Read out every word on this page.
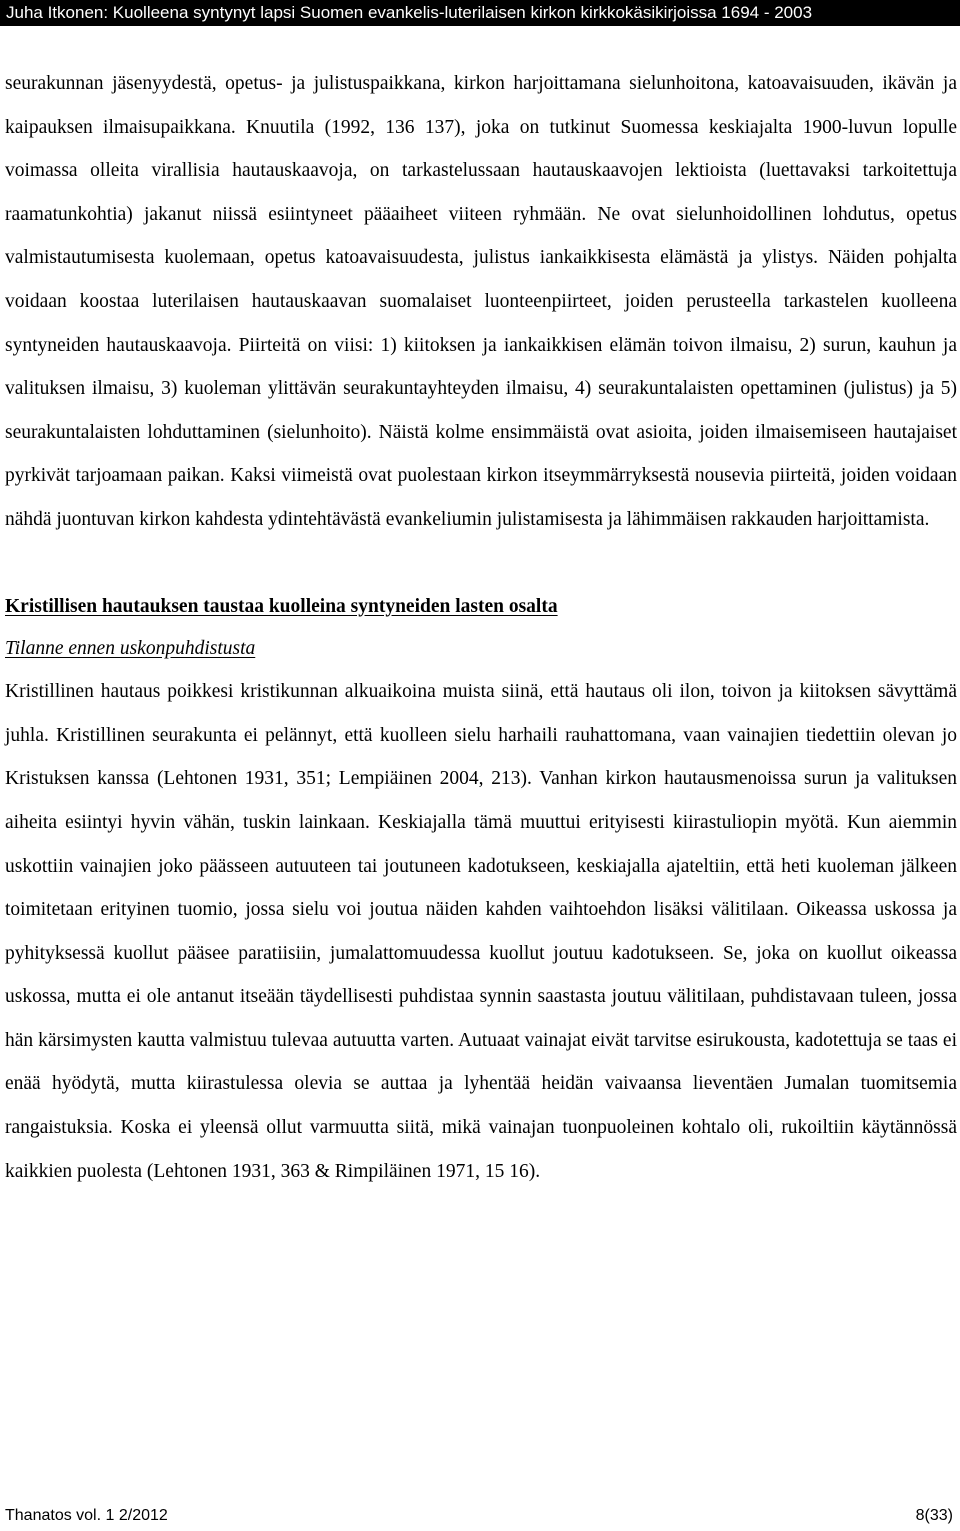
Juha Itkonen: Kuolleena syntynyt lapsi Suomen evankelis-luterilaisen kirkon kirkkokäsikirjoissa 1694 - 2003

seurakunnan jäsenyydestä, opetus- ja julistuspaikkana, kirkon harjoittamana sielunhoitona, katoavaisuuden, ikävän ja kaipauksen ilmaisupaikkana. Knuutila (1992, 136 137), joka on tutkinut Suomessa keskiajalta 1900-luvun lopulle voimassa olleita virallisia hautauskaavoja, on tarkastelussaan hautauskaavojen lektioista (luettavaksi tarkoitettuja raamatunkohtia) jakanut niissä esiintyneet pääaiheet viiteen ryhmään. Ne ovat sielunhoidollinen lohdutus, opetus valmistautumisesta kuolemaan, opetus katoavaisuudesta, julistus iankaikkisesta elämästä ja ylistys. Näiden pohjalta voidaan koostaa luterilaisen hautauskaavan suomalaiset luonteenpiirteet, joiden perusteella tarkastelen kuolleena syntyneiden hautauskaavoja. Piirteitä on viisi: 1) kiitoksen ja iankaikkisen elämän toivon ilmaisu, 2) surun, kauhun ja valituksen ilmaisu, 3) kuoleman ylittävän seurakuntayhteyden ilmaisu, 4) seurakuntalaisten opettaminen (julistus) ja 5) seurakuntalaisten lohduttaminen (sielunhoito). Näistä kolme ensimmäistä ovat asioita, joiden ilmaisemiseen hautajaiset pyrkivät tarjoamaan paikan. Kaksi viimeistä ovat puolestaan kirkon itseymmärryksestä nousevia piirteitä, joiden voidaan nähdä juontuvan kirkon kahdesta ydintehtävästä evankeliumin julistamisesta ja lähimmäisen rakkauden harjoittamista.

Kristillisen hautauksen taustaa kuolleina syntyneiden lasten osalta

Tilanne ennen uskonpuhdistusta

Kristillinen hautaus poikkesi kristikunnan alkuaikoina muista siinä, että hautaus oli ilon, toivon ja kiitoksen sävyttämä juhla. Kristillinen seurakunta ei pelännyt, että kuolleen sielu harhaili rauhattomana, vaan vainajien tiedettiin olevan jo Kristuksen kanssa (Lehtonen 1931, 351; Lempiäinen 2004, 213). Vanhan kirkon hautausmenoissa surun ja valituksen aiheita esiintyi hyvin vähän, tuskin lainkaan. Keskiajalla tämä muuttui erityisesti kiirastuliopin myötä. Kun aiemmin uskottiin vainajien joko päässeen autuuteen tai joutuneen kadotukseen, keskiajalla ajateltiin, että heti kuoleman jälkeen toimitetaan erityinen tuomio, jossa sielu voi joutua näiden kahden vaihtoehdon lisäksi välitilaan. Oikeassa uskossa ja pyhityksessä kuollut pääsee paratiisiin, jumalattomuudessa kuollut joutuu kadotukseen. Se, joka on kuollut oikeassa uskossa, mutta ei ole antanut itseään täydellisesti puhdistaa synnin saastasta joutuu välitilaan, puhdistavaan tuleen, jossa hän kärsimysten kautta valmistuu tulevaa autuutta varten. Autuaat vainajat eivät tarvitse esirukousta, kadotettuja se taas ei enää hyödytä, mutta kiirastulessa olevia se auttaa ja lyhentää heidän vaivaansa lieventäen Jumalan tuomitsemia rangaistuksia. Koska ei yleensä ollut varmuutta siitä, mikä vainajan tuonpuoleinen kohtalo oli, rukoiltiin käytännössä kaikkien puolesta (Lehtonen 1931, 363 & Rimpiläinen 1971, 15 16).

Thanatos vol. 1 2/2012	8(33)
